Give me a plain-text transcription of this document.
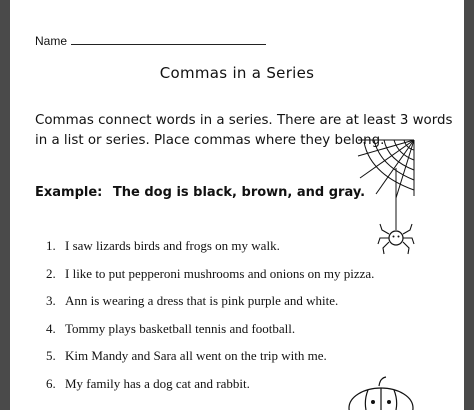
Name
Commas in a Series
Commas connect words in a series. There are at least 3 words in a list or series. Place commas where they belong.
Example: The dog is black, brown, and gray.
1. I saw lizards birds and frogs on my walk.
2. I like to put pepperoni mushrooms and onions on my pizza.
3. Ann is wearing a dress that is pink purple and white.
4. Tommy plays basketball tennis and football.
5. Kim Mandy and Sara all went on the trip with me.
6. My family has a dog cat and rabbit.
